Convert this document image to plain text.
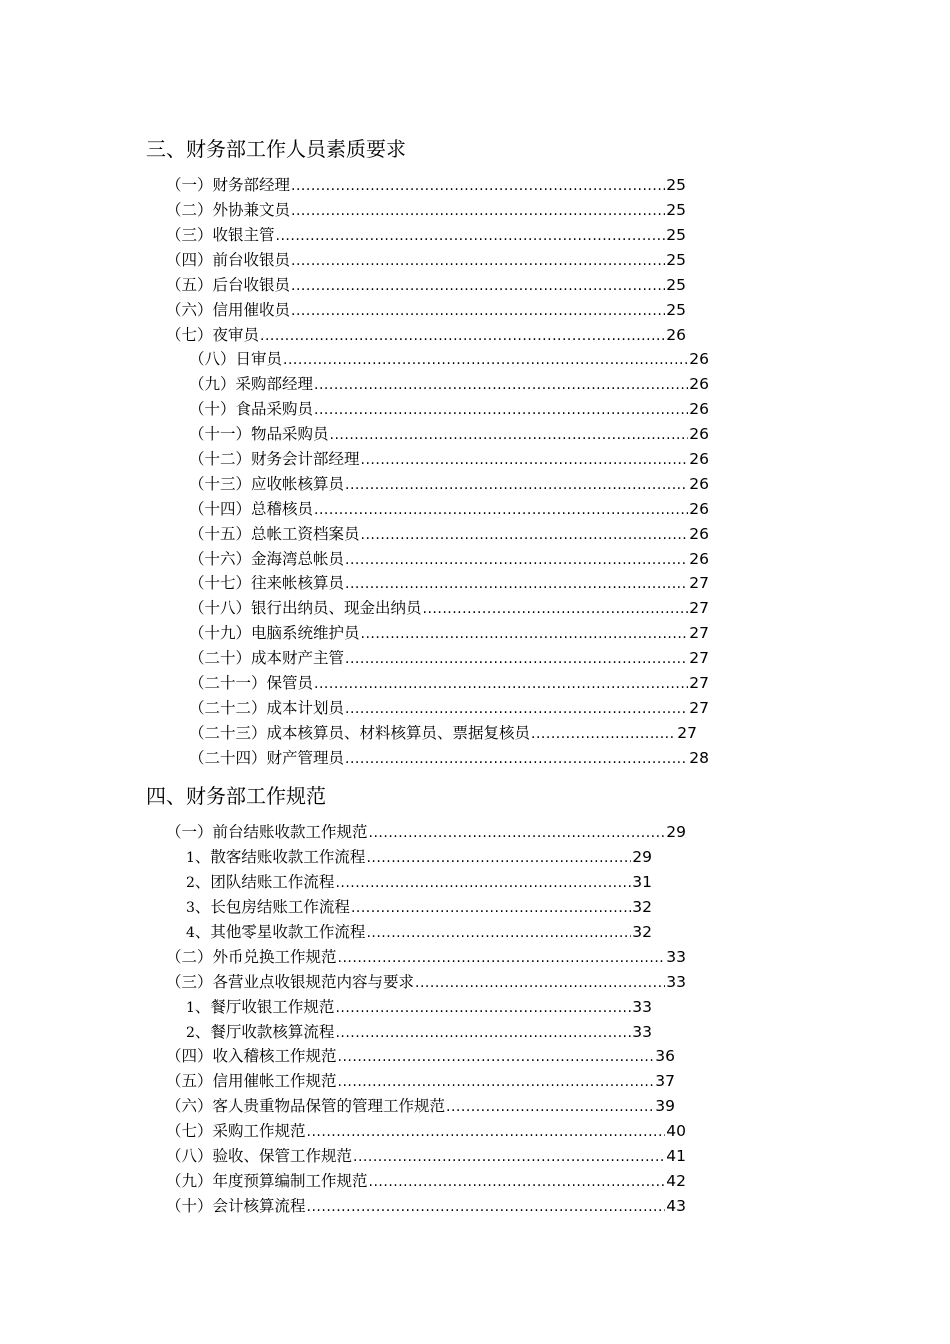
三、财务部工作人员素质要求
（一）财务部经理 .....	25
（二）外协兼文员 .....	25
（三）收银主管 .....	25
（四）前台收银员 .....	25
（五）后台收银员 .....	25
（六）信用催收员 .....	25
（七）夜审员 .....	26
（八）日审员 .....	26
（九）采购部经理 .....	26
（十）食品采购员 .....	26
（十一）物品采购员 .....	26
（十二）财务会计部经理 .....	26
（十三）应收帐核算员 .....	26
（十四）总稽核员 .....	26
（十五）总帐工资档案员 .....	26
（十六）金海湾总帐员 .....	26
（十七）往来帐核算员 .....	27
（十八）银行出纳员、现金出纳员 .....	27
（十九）电脑系统维护员 .....	27
（二十）成本财产主管 .....	27
（二十一）保管员 .....	27
（二十二）成本计划员 .....	27
（二十三）成本核算员、材料核算员、票据复核员 .....	27
（二十四）财产管理员 .....	28
四、财务部工作规范
（一）前台结账收款工作规范 .....	29
1、散客结账收款工作流程 .....	29
2、团队结账工作流程 .....	31
3、长包房结账工作流程 .....	32
4、其他零星收款工作流程 .....	32
（二）外币兑换工作规范 .....	33
（三）各营业点收银规范内容与要求 .....	33
1、餐厅收银工作规范 .....	33
2、餐厅收款核算流程 .....	33
（四）收入稽核工作规范 .....	36
（五）信用催帐工作规范 .....	37
（六）客人贵重物品保管的管理工作规范 .....	39
（七）采购工作规范 .....	40
（八）验收、保管工作规范 .....	41
（九）年度预算编制工作规范 .....	42
（十）会计核算流程 .....	43
